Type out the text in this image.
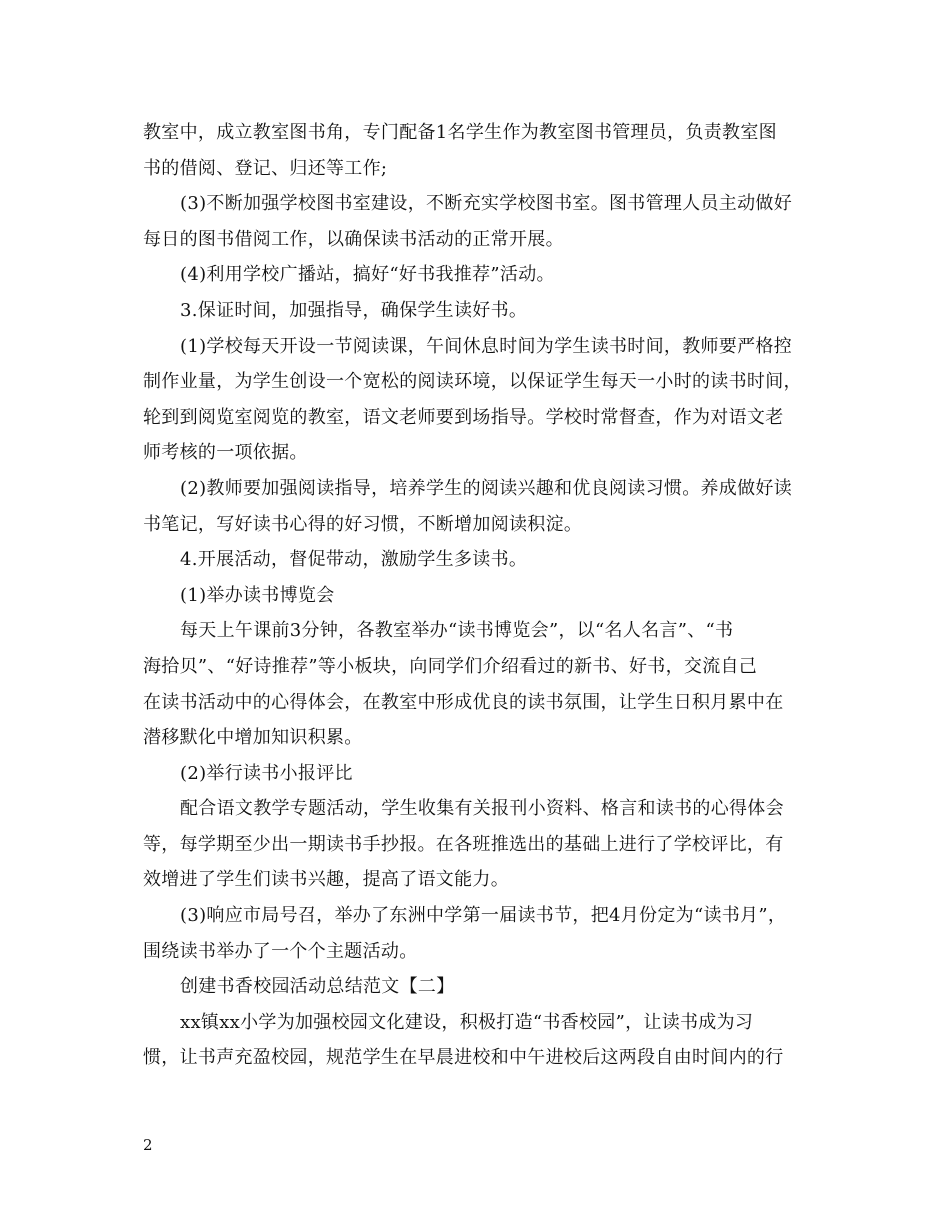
教室中，成立教室图书角，专门配备1名学生作为教室图书管理员，负责教室图
书的借阅、登记、归还等工作;
(3)不断加强学校图书室建设，不断充实学校图书室。图书管理人员主动做好
每日的图书借阅工作，以确保读书活动的正常开展。
(4)利用学校广播站，搞好“好书我推荐”活动。
3.保证时间，加强指导，确保学生读好书。
(1)学校每天开设一节阅读课，午间休息时间为学生读书时间，教师要严格控
制作业量，为学生创设一个宽松的阅读环境，以保证学生每天一小时的读书时间，
轮到到阅览室阅览的教室，语文老师要到场指导。学校时常督查，作为对语文老
师考核的一项依据。
(2)教师要加强阅读指导，培养学生的阅读兴趣和优良阅读习惯。养成做好读
书笔记，写好读书心得的好习惯，不断增加阅读积淀。
4.开展活动，督促带动，激励学生多读书。
(1)举办读书博览会
每天上午课前3分钟，各教室举办“读书博览会”，以“名人名言”、“书
海拾贝”、“好诗推荐”等小板块，向同学们介绍看过的新书、好书，交流自己
在读书活动中的心得体会，在教室中形成优良的读书氛围，让学生日积月累中在
潜移默化中增加知识积累。
(2)举行读书小报评比
配合语文教学专题活动，学生收集有关报刊小资料、格言和读书的心得体会
等，每学期至少出一期读书手抄报。在各班推选出的基础上进行了学校评比，有
效增进了学生们读书兴趣，提高了语文能力。
(3)响应市局号召，举办了东洲中学第一届读书节，把4月份定为“读书月”，
围绕读书举办了一个个主题活动。
创建书香校园活动总结范文【二】
xx镇xx小学为加强校园文化建设，积极打造“书香校园”，让读书成为习
惯，让书声充盈校园，规范学生在早晨进校和中午进校后这两段自由时间内的行
2
